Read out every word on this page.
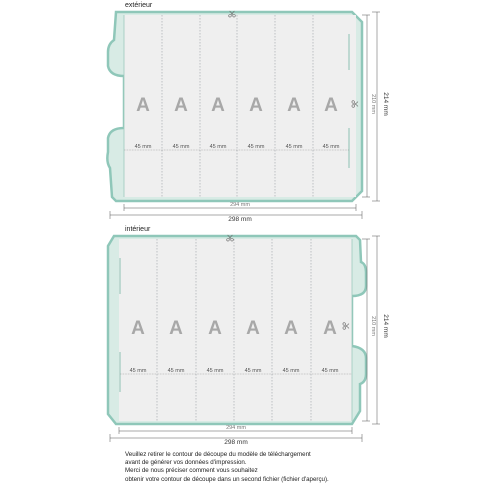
extérieur
intérieur
A A A A A A
45 mm	45 mm	45 mm	45 mm	45 mm	45 mm
294 mm
298 mm
210 mm 214 mm
A A A A A A
45 mm	45 mm	45 mm	45 mm	45 mm	45 mm
294 mm
298 mm
210 mm 214 mm
Veuillez retirer le contour de découpe du modèle de téléchargement
avant de générer vos données d'impression.
Merci de nous préciser comment vous souhaitez
obtenir votre contour de découpe dans un second fichier (fichier d'aperçu).
